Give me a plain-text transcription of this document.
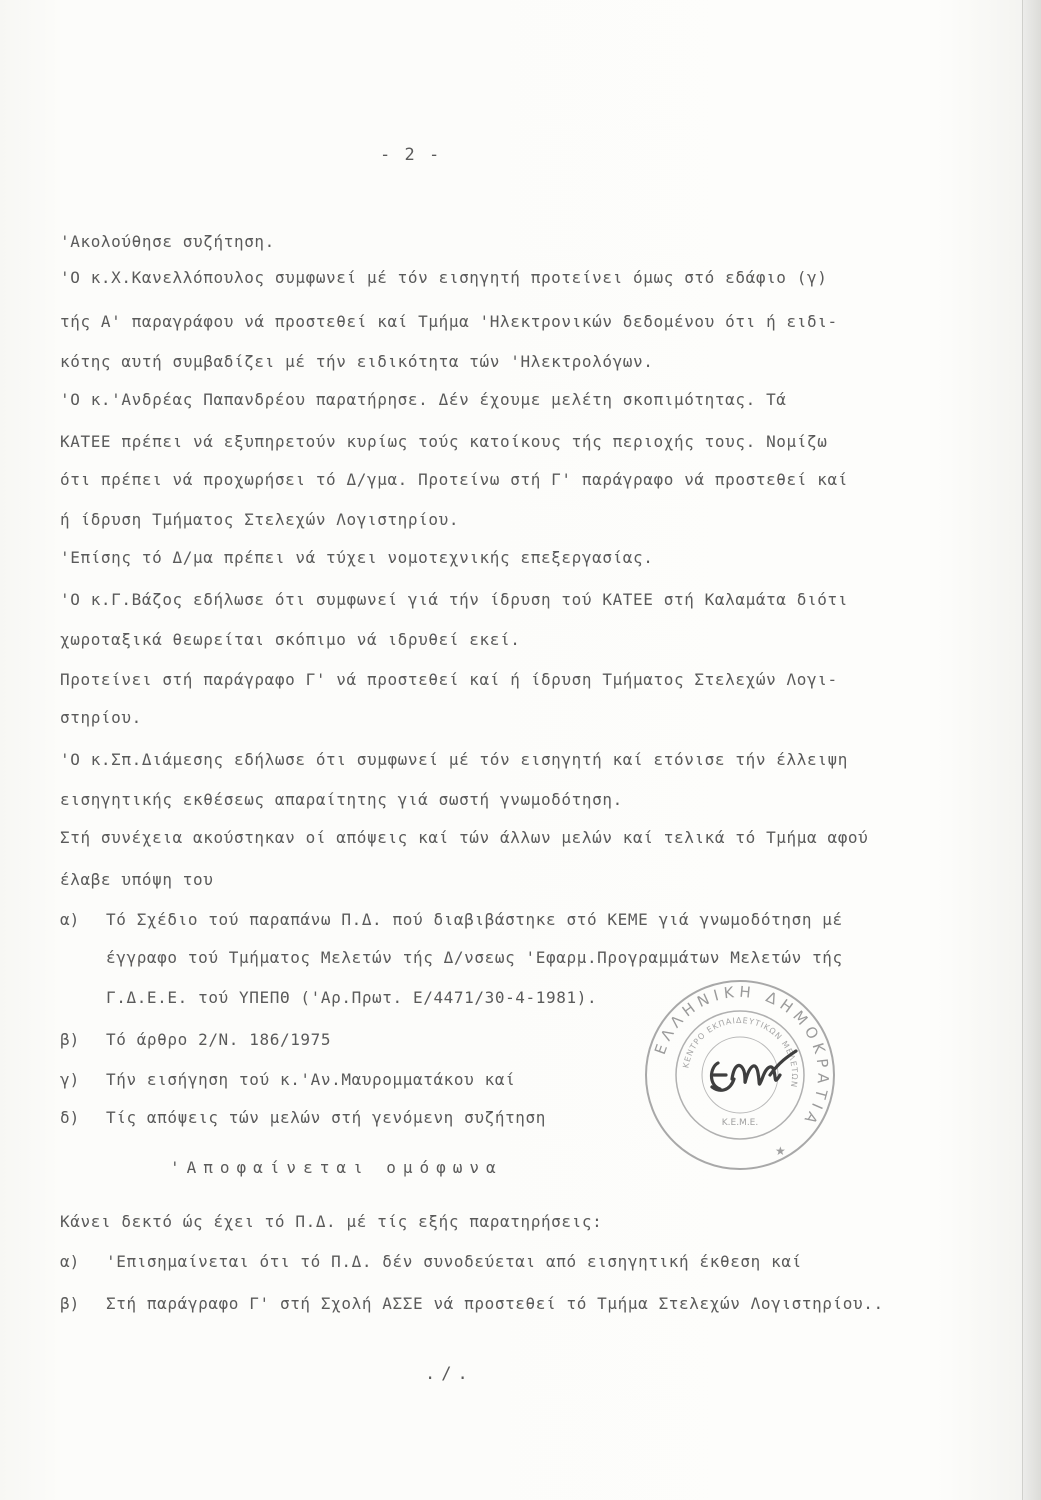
- 2 -
'Ακολούθησε συζήτηση.
'Ο κ.Χ.Κανελλόπουλος συμφωνεί μέ τόν εισηγητή προτείνει όμως στό εδάφιο (γ)
τής Α' παραγράφου νά προστεθεί καί Τμήμα 'Ηλεκτρονικών δεδομένου ότι ή ειδι-
κότης αυτή συμβαδίζει μέ τήν ειδικότητα τών 'Ηλεκτρολόγων.
'Ο κ.'Ανδρέας Παπανδρέου παρατήρησε. Δέν έχουμε μελέτη σκοπιμότητας. Τά
ΚΑΤΕΕ πρέπει νά εξυπηρετούν κυρίως τούς κατοίκους τής περιοχής τους. Νομίζω
ότι πρέπει νά προχωρήσει τό Δ/γμα. Προτείνω στή Γ' παράγραφο νά προστεθεί καί
ή ίδρυση Τμήματος Στελεχών Λογιστηρίου.
'Επίσης τό Δ/μα πρέπει νά τύχει νομοτεχνικής επεξεργασίας.
'Ο κ.Γ.Βάζος εδήλωσε ότι συμφωνεί γιά τήν ίδρυση τού ΚΑΤΕΕ στή Καλαμάτα διότι
χωροταξικά θεωρείται σκόπιμο νά ιδρυθεί εκεί.
Προτείνει στή παράγραφο Γ' νά προστεθεί καί ή ίδρυση Τμήματος Στελεχών Λογι-
στηρίου.
'Ο κ.Σπ.Διάμεσης εδήλωσε ότι συμφωνεί μέ τόν εισηγητή καί ετόνισε τήν έλλειψη
εισηγητικής εκθέσεως απαραίτητης γιά σωστή γνωμοδότηση.
Στή συνέχεια ακούστηκαν οί απόψεις καί τών άλλων μελών καί τελικά τό Τμήμα αφού
έλαβε υπόψη του
α) Τό Σχέδιο τού παραπάνω Π.Δ. πού διαβιβάστηκε στό ΚΕΜΕ γιά γνωμοδότηση μέ
έγγραφο τού Τμήματος Μελετών τής Δ/νσεως 'Εφαρμ.Προγραμμάτων Μελετών τής
Γ.Δ.Ε.Ε. τού ΥΠΕΠΘ ('Αρ.Πρωτ. Ε/4471/30-4-1981).
β) Τό άρθρο 2/Ν. 186/1975
γ) Τήν εισήγηση τού κ.'Αν.Μαυρομματάκου καί
δ) Τίς απόψεις τών μελών στή γενόμενη συζήτηση
'Αποφαίνεται ομόφωνα
Κάνει δεκτό ώς έχει τό Π.Δ. μέ τίς εξής παρατηρήσεις:
α) 'Επισημαίνεται ότι τό Π.Δ. δέν συνοδεύεται από εισηγητική έκθεση καί
β) Στή παράγραφο Γ' στή Σχολή ΑΣΣΕ νά προστεθεί τό Τμήμα Στελεχών Λογιστηρίου..
./.
ΕΛΛΗΝΙΚΗ ΔΗΜΟΚΡΑΤΙΑ
ΚΕΝΤΡΟ ΕΚΠΑΙΔΕΥΤΙΚΩΝ ΜΕΛΕΤΩΝ
Κ.Ε.Μ.Ε.
★
